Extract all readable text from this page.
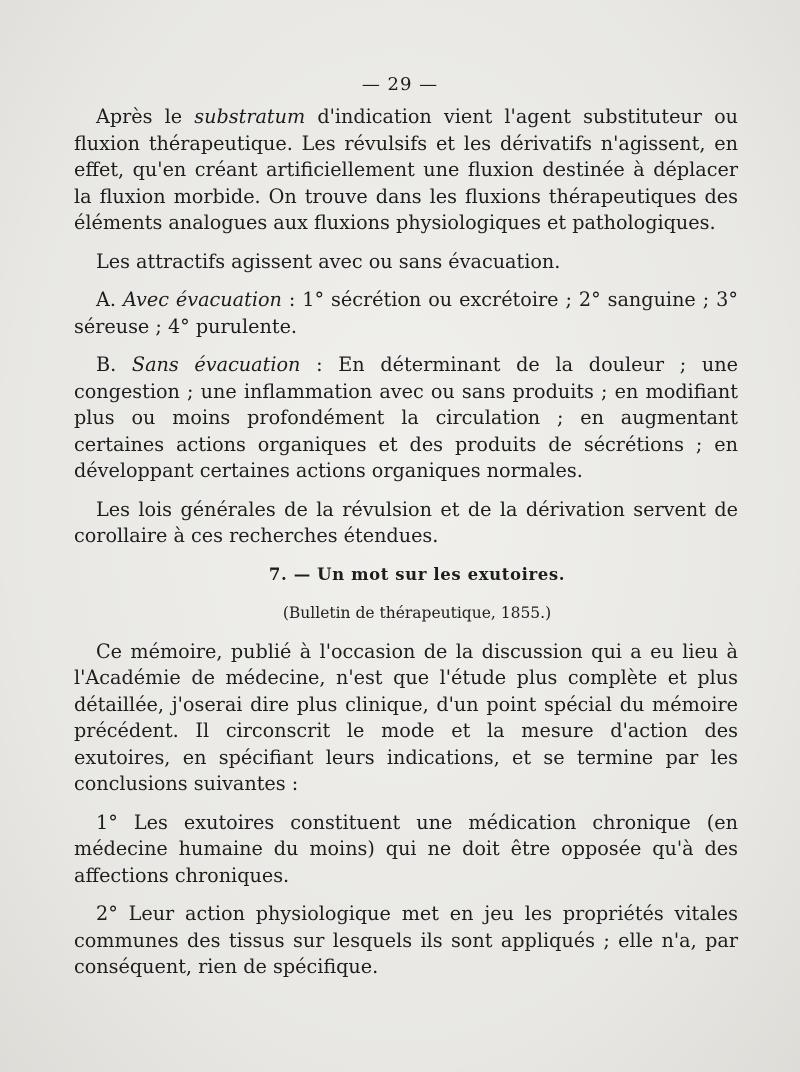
— 29 —

Après le substratum d'indication vient l'agent substituteur ou fluxion thérapeutique. Les révulsifs et les dérivatifs n'agissent, en effet, qu'en créant artificiellement une fluxion destinée à déplacer la fluxion morbide. On trouve dans les fluxions thérapeutiques des éléments analogues aux fluxions physiologiques et pathologiques.

Les attractifs agissent avec ou sans évacuation.

A. Avec évacuation : 1° sécrétion ou excrétoire ; 2° sanguine ; 3° séreuse ; 4° purulente.

B. Sans évacuation : En déterminant de la douleur ; une congestion ; une inflammation avec ou sans produits ; en modifiant plus ou moins profondément la circulation ; en augmentant certaines actions organiques et des produits de sécrétions ; en développant certaines actions organiques normales.

Les lois générales de la révulsion et de la dérivation servent de corollaire à ces recherches étendues.

7. — Un mot sur les exutoires.

(Bulletin de thérapeutique, 1855.)

Ce mémoire, publié à l'occasion de la discussion qui a eu lieu à l'Académie de médecine, n'est que l'étude plus complète et plus détaillée, j'oserai dire plus clinique, d'un point spécial du mémoire précédent. Il circonscrit le mode et la mesure d'action des exutoires, en spécifiant leurs indications, et se termine par les conclusions suivantes :

1° Les exutoires constituent une médication chronique (en médecine humaine du moins) qui ne doit être opposée qu'à des affections chroniques.

2° Leur action physiologique met en jeu les propriétés vitales communes des tissus sur lesquels ils sont appliqués ; elle n'a, par conséquent, rien de spécifique.
